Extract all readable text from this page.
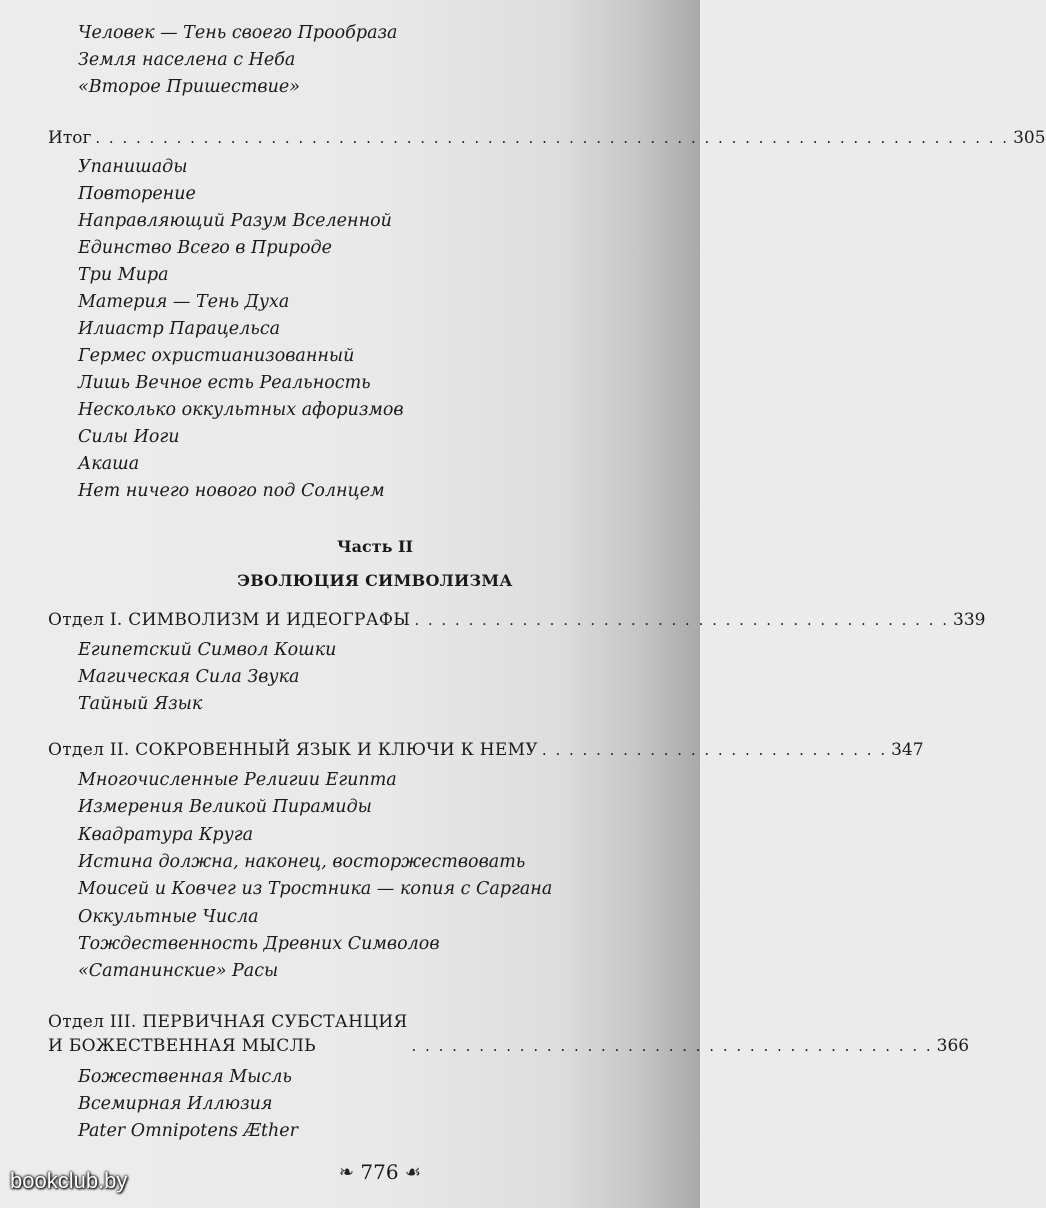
Человек — Тень своего Прообраза
Земля населена с Неба
«Второе Пришествие»
Итог . . . . . . . . . . . . . . . . . . . . . . . . . . . . . . . . . . . . . . . . . . . . . . . . . . . . . . . . . . . . . . . . . . . . 305
Упанишады
Повторение
Направляющий Разум Вселенной
Единство Всего в Природе
Три Мира
Материя — Тень Духа
Илиастр Парацельса
Гермес охристианизованный
Лишь Вечное есть Реальность
Несколько оккультных афоризмов
Силы Иоги
Акаша
Нет ничего нового под Солнцем
Часть II
ЭВОЛЮЦИЯ СИМВОЛИЗМА
Отдел I. СИМВОЛИЗМ И ИДЕОГРАФЫ . . . . . . . . . . . . . . . . . . . . . . . . . . . . . . . . . . . . . . . . 339
Египетский Символ Кошки
Магическая Сила Звука
Тайный Язык
Отдел II. СОКРОВЕННЫЙ ЯЗЫК И КЛЮЧИ К НЕМУ . . . . . . . . . . . . . . . . . . . . . . . . . . 347
Многочисленные Религии Египта
Измерения Великой Пирамиды
Квадратура Круга
Истина должна, наконец, восторжествовать
Моисей и Ковчег из Тростника — копия с Саргана
Оккультные Числа
Тождественность Древних Символов
«Сатанинские» Расы
Отдел III. ПЕРВИЧНАЯ СУБСТАНЦИЯ
И БОЖЕСТВЕННАЯ МЫСЛЬ	. . . . . . . . . . . . . . . . . . . . . . . . . . . . . . . . . . . . . . . 366
Божественная Мысль
Всемирная Иллюзия
Pater Omnipotens Æther
❧ 776 ☙
bookclub.by
